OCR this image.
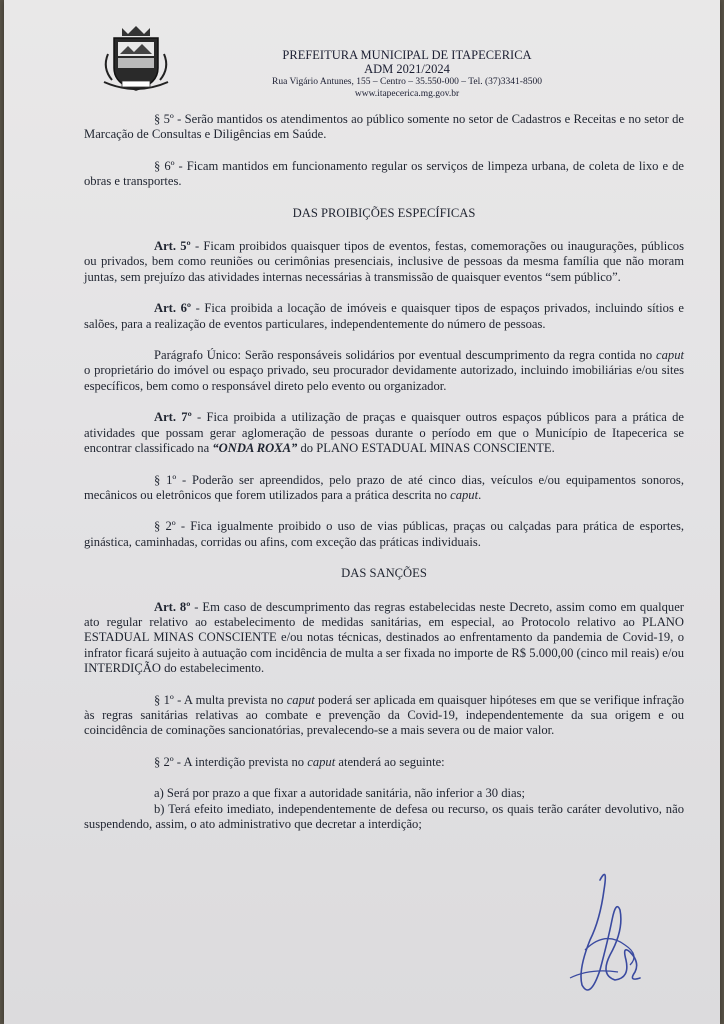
PREFEITURA MUNICIPAL DE ITAPECERICA
ADM 2021/2024
Rua Vigário Antunes, 155 – Centro – 35.550-000 – Tel. (37)3341-8500
www.itapecerica.mg.gov.br

§ 5º - Serão mantidos os atendimentos ao público somente no setor de Cadastros e Receitas e no setor de Marcação de Consultas e Diligências em Saúde.

§ 6º - Ficam mantidos em funcionamento regular os serviços de limpeza urbana, de coleta de lixo e de obras e transportes.

DAS PROIBIÇÕES ESPECÍFICAS

Art. 5º - Ficam proibidos quaisquer tipos de eventos, festas, comemorações ou inaugurações, públicos ou privados, bem como reuniões ou cerimônias presenciais, inclusive de pessoas da mesma família que não moram juntas, sem prejuízo das atividades internas necessárias à transmissão de quaisquer eventos “sem público”.

Art. 6º - Fica proibida a locação de imóveis e quaisquer tipos de espaços privados, incluindo sítios e salões, para a realização de eventos particulares, independentemente do número de pessoas.

Parágrafo Único: Serão responsáveis solidários por eventual descumprimento da regra contida no caput o proprietário do imóvel ou espaço privado, seu procurador devidamente autorizado, incluindo imobiliárias e/ou sites específicos, bem como o responsável direto pelo evento ou organizador.

Art. 7º - Fica proibida a utilização de praças e quaisquer outros espaços públicos para a prática de atividades que possam gerar aglomeração de pessoas durante o período em que o Município de Itapecerica se encontrar classificado na “ONDA ROXA” do PLANO ESTADUAL MINAS CONSCIENTE.

§ 1º - Poderão ser apreendidos, pelo prazo de até cinco dias, veículos e/ou equipamentos sonoros, mecânicos ou eletrônicos que forem utilizados para a prática descrita no caput.

§ 2º - Fica igualmente proibido o uso de vias públicas, praças ou calçadas para prática de esportes, ginástica, caminhadas, corridas ou afins, com exceção das práticas individuais.

DAS SANÇÕES

Art. 8º - Em caso de descumprimento das regras estabelecidas neste Decreto, assim como em qualquer ato regular relativo ao estabelecimento de medidas sanitárias, em especial, ao Protocolo relativo ao PLANO ESTADUAL MINAS CONSCIENTE e/ou notas técnicas, destinados ao enfrentamento da pandemia de Covid-19, o infrator ficará sujeito à autuação com incidência de multa a ser fixada no importe de R$ 5.000,00 (cinco mil reais) e/ou INTERDIÇÃO do estabelecimento.

§ 1º - A multa prevista no caput poderá ser aplicada em quaisquer hipóteses em que se verifique infração às regras sanitárias relativas ao combate e prevenção da Covid-19, independentemente da sua origem e ou coincidência de cominações sancionatórias, prevalecendo-se a mais severa ou de maior valor.

§ 2º - A interdição prevista no caput atenderá ao seguinte:

a) Será por prazo a que fixar a autoridade sanitária, não inferior a 30 dias;

b) Terá efeito imediato, independentemente de defesa ou recurso, os quais terão caráter devolutivo, não suspendendo, assim, o ato administrativo que decretar a interdição;
